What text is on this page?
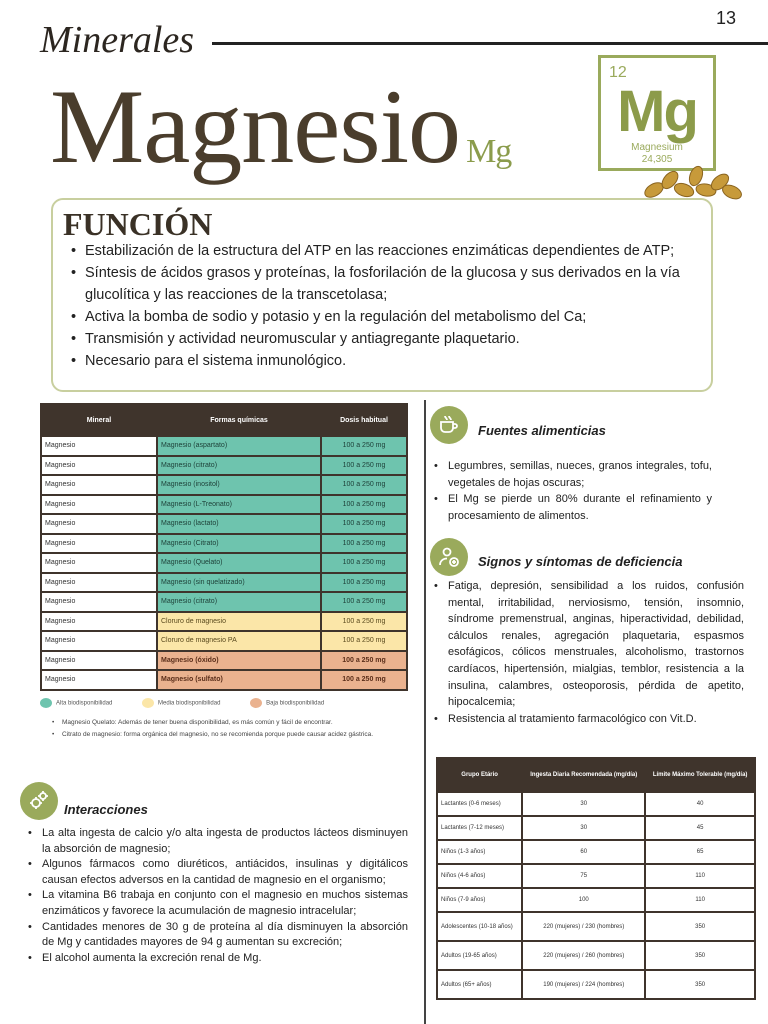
13
Minerales
Magnesio Mg
12
Mg
Magnesium
24,305
FUNCIÓN
• Estabilización de la estructura del ATP en las reacciones enzimáticas dependientes de ATP;
• Síntesis de ácidos grasos y proteínas, la fosforilación de la glucosa y sus derivados en la vía glucolítica y las reacciones de la transcetolasa;
• Activa la bomba de sodio y potasio y en la regulación del metabolismo del Ca;
• Transmisión y actividad neuromuscular y antiagregante plaquetario.
• Necesario para el sistema inmunológico.
Mineral	Formas químicas	Dosis habitual
Magnesio	Magnesio (aspartato)	100 a 250 mg
Magnesio	Magnesio (citrato)	100 a 250 mg
Magnesio	Magnesio (inositol)	100 a 250 mg
Magnesio	Magnesio (L-Treonato)	100 a 250 mg
Magnesio	Magnesio (lactato)	100 a 250 mg
Magnesio	Magnesio (Citrato)	100 a 250 mg
Magnesio	Magnesio (Quelato)	100 a 250 mg
Magnesio	Magnesio (sin quelatizado)	100 a 250 mg
Magnesio	Magnesio (citrato)	100 a 250 mg
Magnesio	Cloruro de magnesio	100 a 250 mg
Magnesio	Cloruro de magnesio PA	100 a 250 mg
Magnesio	Magnesio (óxido)	100 a 250 mg
Magnesio	Magnesio (sulfato)	100 a 250 mg
Alta biodisponibilidad	Media biodisponibilidad	Baja biodisponibilidad
• Magnesio Quelato: Además de tener buena disponibilidad, es más común y fácil de encontrar.
• Citrato de magnesio: forma orgánica del magnesio, no se recomienda porque puede causar acidez gástrica.
Interacciones
• La alta ingesta de calcio y/o alta ingesta de productos lácteos disminuyen la absorción de magnesio;
• Algunos fármacos como diuréticos, antiácidos, insulinas y digitálicos causan efectos adversos en la cantidad de magnesio en el organismo;
• La vitamina B6 trabaja en conjunto con el magnesio en muchos sistemas enzimáticos y favorece la acumulación de magnesio intracelular;
• Cantidades menores de 30 g de proteína al día disminuyen la absorción de Mg y cantidades mayores de 94 g aumentan su excreción;
• El alcohol aumenta la excreción renal de Mg.
Fuentes alimenticias
• Legumbres, semillas, nueces, granos integrales, tofu, vegetales de hojas oscuras;
• El Mg se pierde un 80% durante el refinamiento y procesamiento de alimentos.
Signos y síntomas de deficiencia
• Fatiga, depresión, sensibilidad a los ruidos, confusión mental, irritabilidad, nerviosismo, tensión, insomnio, síndrome premenstrual, anginas, hiperactividad, debilidad, cálculos renales, agregación plaquetaria, espasmos esofágicos, cólicos menstruales, alcoholismo, trastornos cardíacos, hipertensión, mialgias, temblor, resistencia a la insulina, calambres, osteoporosis, pérdida de apetito, hipocalcemia;
• Resistencia al tratamiento farmacológico con Vit.D.
Grupo Etário	Ingesta Diaria Recomendada (mg/día)	Límite Máximo Tolerable (mg/día)
Lactantes (0-6 meses)	30	40
Lactantes (7-12 meses)	30	45
Niños (1-3 años)	60	65
Niños (4-6 años)	75	110
Niños (7-9 años)	100	110
Adolescentes (10-18 años)	220 (mujeres) / 230 (hombres)	350
Adultos (19-65 años)	220 (mujeres) / 260 (hombres)	350
Adultos (65+ años)	190 (mujeres) / 224 (hombres)	350
